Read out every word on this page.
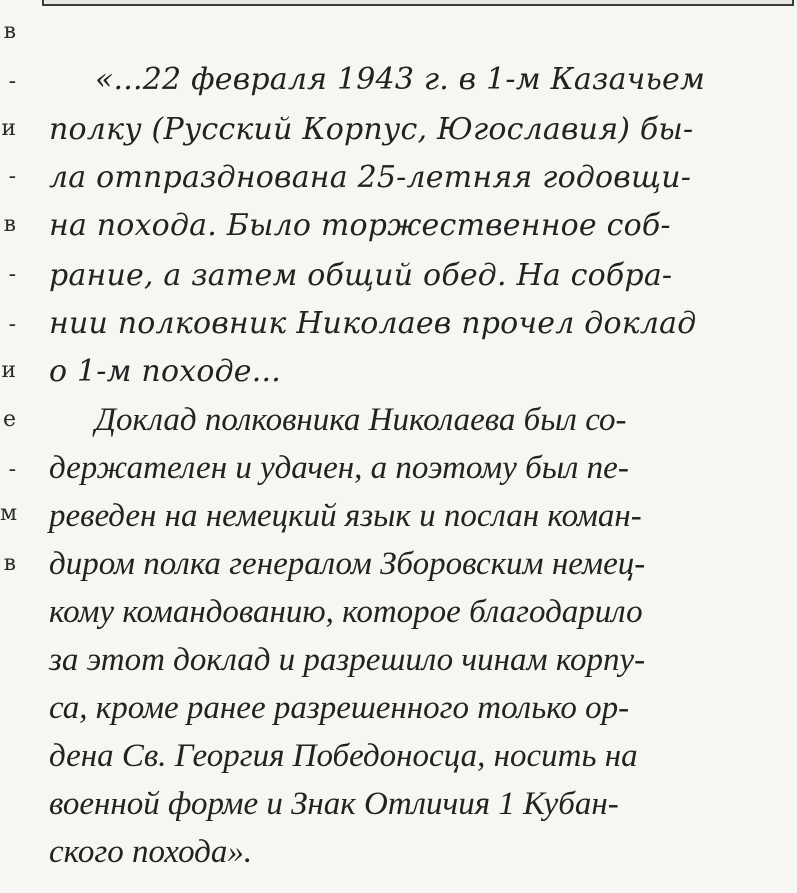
в
-
и
-
в
-
-
и
е
-
м
в
«...22 февраля 1943 г. в 1-м Казачьем
полку (Русский Корпус, Югославия) бы-
ла отпразднована 25-летняя годовщи-
на похода. Было торжественное соб-
рание, а затем общий обед. На собра-
нии полковник Николаев прочел доклад
о 1-м походе...
Доклад полковника Николаева был со-
держателен и удачен, а поэтому был пе-
реведен на немецкий язык и послан коман-
диром полка генералом Зборовским немец-
кому командованию, которое благодарило
за этот доклад и разрешило чинам корпу-
са, кроме ранее разрешенного только ор-
дена Св. Георгия Победоносца, носить на
военной форме и Знак Отличия 1 Кубан-
ского похода».
